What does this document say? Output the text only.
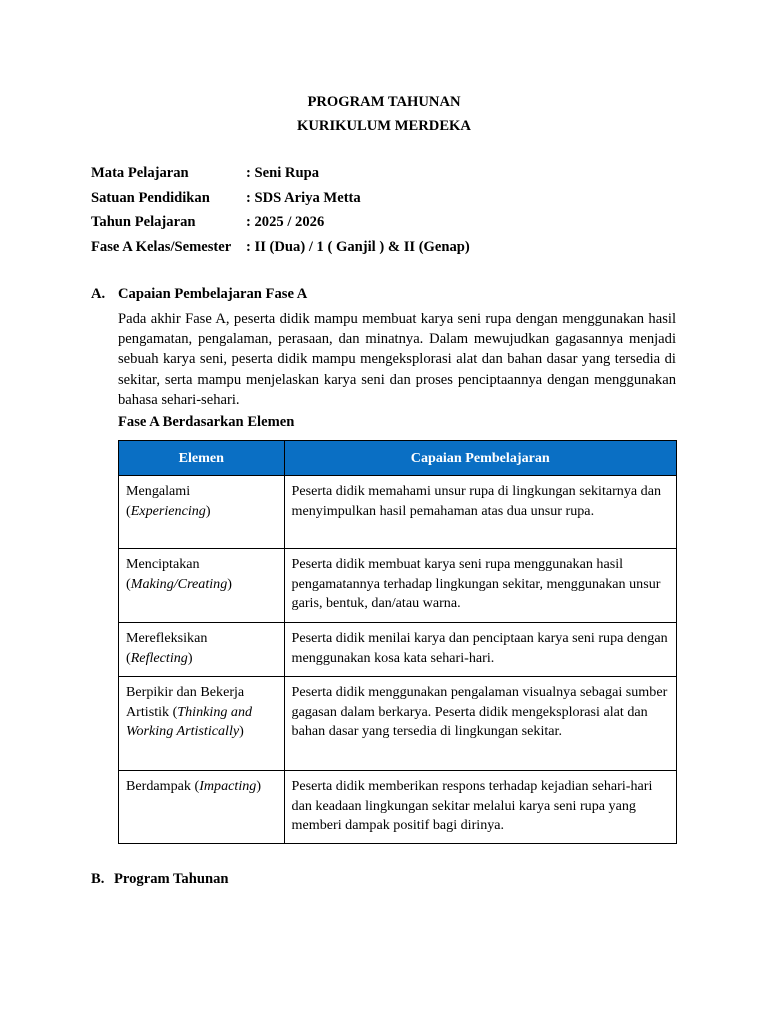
PROGRAM TAHUNAN
KURIKULUM MERDEKA
Mata Pelajaran	: Seni Rupa
Satuan Pendidikan : SDS Ariya Metta
Tahun Pelajaran	: 2025 / 2026
Fase A Kelas/Semester : II (Dua) / 1 ( Ganjil ) & II (Genap)
A. Capaian Pembelajaran Fase A
Pada akhir Fase A, peserta didik mampu membuat karya seni rupa dengan menggunakan hasil pengamatan, pengalaman, perasaan, dan minatnya. Dalam mewujudkan gagasannya menjadi sebuah karya seni, peserta didik mampu mengeksplorasi alat dan bahan dasar yang tersedia di sekitar, serta mampu menjelaskan karya seni dan proses penciptaannya dengan menggunakan bahasa sehari-sehari.
Fase A Berdasarkan Elemen
Elemen	Capaian Pembelajaran
Mengalami
(Experiencing)	Peserta didik memahami unsur rupa di lingkungan sekitarnya dan menyimpulkan hasil pemahaman atas dua unsur rupa.
Menciptakan
(Making/Creating)	Peserta didik membuat karya seni rupa menggunakan hasil pengamatannya terhadap lingkungan sekitar, menggunakan unsur garis, bentuk, dan/atau warna.
Merefleksikan
(Reflecting)	Peserta didik menilai karya dan penciptaan karya seni rupa dengan menggunakan kosa kata sehari-hari.
Berpikir dan Bekerja
Artistik (Thinking and Working Artistically)	Peserta didik menggunakan pengalaman visualnya sebagai sumber gagasan dalam berkarya. Peserta didik mengeksplorasi alat dan bahan dasar yang tersedia di lingkungan sekitar.
Berdampak (Impacting)	Peserta didik memberikan respons terhadap kejadian sehari-hari dan keadaan lingkungan sekitar melalui karya seni rupa yang memberi dampak positif bagi dirinya.
B. Program Tahunan
